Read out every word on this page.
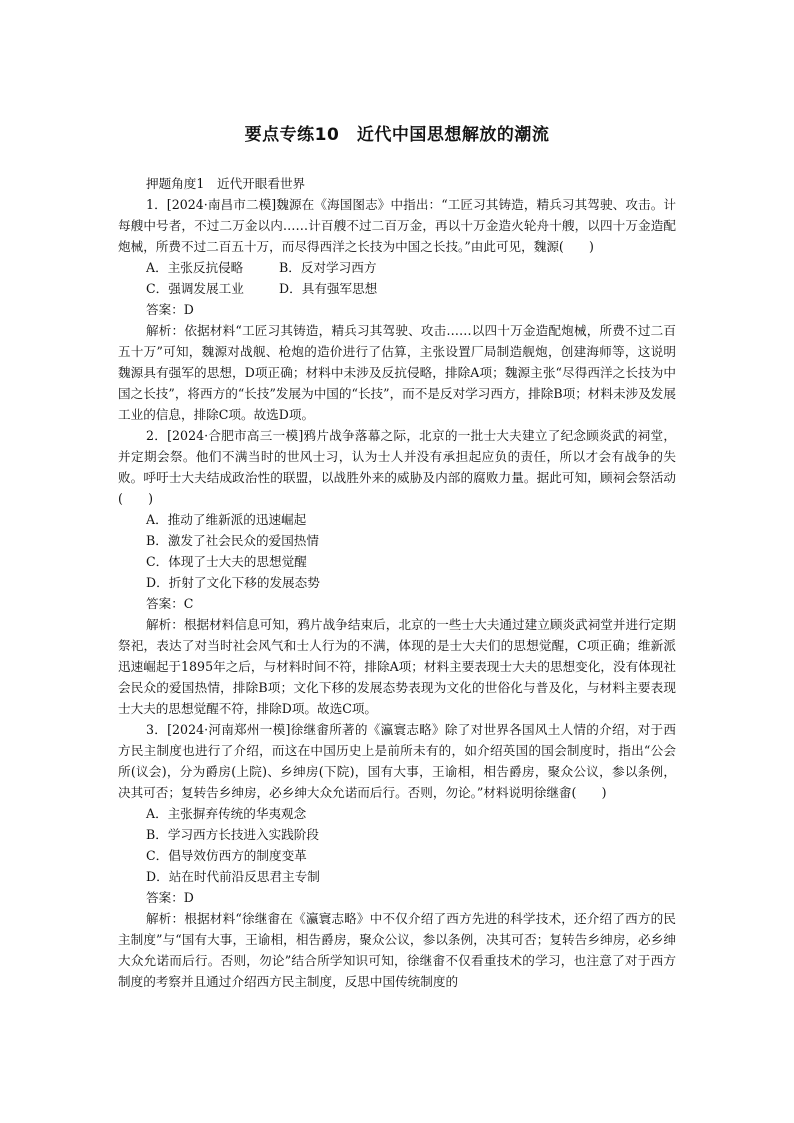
要点专练10　近代中国思想解放的潮流

押题角度1　近代开眼看世界

1．[2024·南昌市二模]魏源在《海国图志》中指出：“工匠习其铸造，精兵习其驾驶、攻击。计每艘中号者，不过二万金以内……计百艘不过二百万金，再以十万金造火轮舟十艘，以四十万金造配炮械，所费不过二百五十万，而尽得西洋之长技为中国之长技。”由此可见，魏源(　　)

A．主张反抗侵略	B．反对学习西方

C．强调发展工业	D．具有强军思想

答案：D

解析：依据材料“工匠习其铸造，精兵习其驾驶、攻击……以四十万金造配炮械，所费不过二百五十万”可知，魏源对战舰、枪炮的造价进行了估算，主张设置厂局制造舰炮，创建海师等，这说明魏源具有强军的思想，D项正确；材料中未涉及反抗侵略，排除A项；魏源主张“尽得西洋之长技为中国之长技”，将西方的“长技”发展为中国的“长技”，而不是反对学习西方，排除B项；材料未涉及发展工业的信息，排除C项。故选D项。

2．[2024·合肥市高三一模]鸦片战争落幕之际，北京的一批士大夫建立了纪念顾炎武的祠堂，并定期会祭。他们不满当时的世风士习，认为士人并没有承担起应负的责任，所以才会有战争的失败。呼吁士大夫结成政治性的联盟，以战胜外来的威胁及内部的腐败力量。据此可知，顾祠会祭活动(　　)

A．推动了维新派的迅速崛起

B．激发了社会民众的爱国热情

C．体现了士大夫的思想觉醒

D．折射了文化下移的发展态势

答案：C

解析：根据材料信息可知，鸦片战争结束后，北京的一些士大夫通过建立顾炎武祠堂并进行定期祭祀，表达了对当时社会风气和士人行为的不满，体现的是士大夫们的思想觉醒，C项正确；维新派迅速崛起于1895年之后，与材料时间不符，排除A项；材料主要表现士大夫的思想变化，没有体现社会民众的爱国热情，排除B项；文化下移的发展态势表现为文化的世俗化与普及化，与材料主要表现士大夫的思想觉醒不符，排除D项。故选C项。

3．[2024·河南郑州一模]徐继畬所著的《瀛寰志略》除了对世界各国风土人情的介绍，对于西方民主制度也进行了介绍，而这在中国历史上是前所未有的，如介绍英国的国会制度时，指出“公会所(议会)，分为爵房(上院)、乡绅房(下院)，国有大事，王谕相，相告爵房，聚众公议，参以条例，决其可否；复转告乡绅房，必乡绅大众允诺而后行。否则，勿论。”材料说明徐继畬(　　)

A．主张摒弃传统的华夷观念

B．学习西方长技进入实践阶段

C．倡导效仿西方的制度变革

D．站在时代前沿反思君主专制

答案：D

解析：根据材料“徐继畬在《瀛寰志略》中不仅介绍了西方先进的科学技术，还介绍了西方的民主制度”与“国有大事，王谕相，相告爵房，聚众公议，参以条例，决其可否；复转告乡绅房，必乡绅大众允诺而后行。否则，勿论”结合所学知识可知，徐继畬不仅看重技术的学习，也注意了对于西方制度的考察并且通过介绍西方民主制度，反思中国传统制度的
